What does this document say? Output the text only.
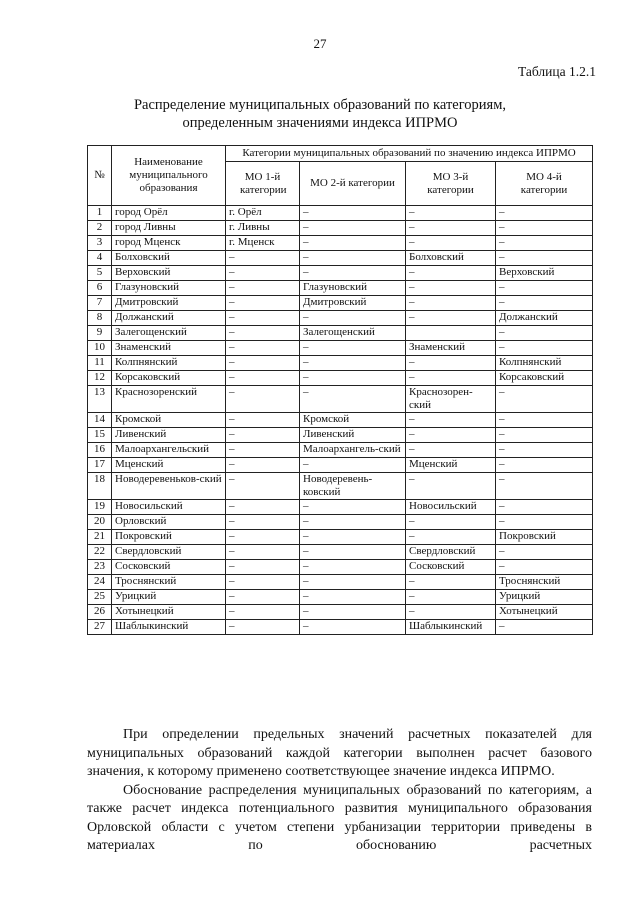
27
Таблица 1.2.1
Распределение муниципальных образований по категориям,
определенным значениями индекса ИПРМО
№	Наименование муниципального образования	Категории муниципальных образований по значению индекса ИПРМО			
		МО 1-й категории	МО 2-й категории	МО 3-й категории	МО 4-й категории
1	город Орёл	г. Орёл	–	–	–
2	город Ливны	г. Ливны	–	–	–
3	город Мценск	г. Мценск	–	–	–
4	Болховский	–	–	Болховский	–
5	Верховский	–	–	–	Верховский
6	Глазуновский	–	Глазуновский	–	–
7	Дмитровский	–	Дмитровский	–	–
8	Должанский	–	–	–	Должанский
9	Залегощенский	–	Залегощенский		–
10	Знаменский	–	–	Знаменский	–
11	Колпнянский	–	–	–	Колпнянский
12	Корсаковский	–	–	–	Корсаковский
13	Краснозоренский	–	–	Краснозорен-ский	–
14	Кромской	–	Кромской	–	–
15	Ливенский	–	Ливенский	–	–
16	Малоархангельский	–	Малоархангель-ский	–	–
17	Мценский	–	–	Мценский	–
18	Новодеревеньков-ский	–	Новодеревень-ковский	–	–
19	Новосильский	–	–	Новосильский	–
20	Орловский	–	–	–	–
21	Покровский	–	–	–	Покровский
22	Свердловский	–	–	Свердловский	–
23	Сосковский	–	–	Сосковский	–
24	Троснянский	–	–	–	Троснянский
25	Урицкий	–	–	–	Урицкий
26	Хотынецкий	–	–	–	Хотынецкий
27	Шаблыкинский	–	–	Шаблыкинский	–

При определении предельных значений расчетных показателей для муниципальных образований каждой категории выполнен расчет базового значения, к которому применено соответствующее значение индекса ИПРМО.

Обоснование распределения муниципальных образований по категориям, а также расчет индекса потенциального развития муниципального образования Орловской области с учетом степени урбанизации территории приведены в материалах по обоснованию расчетных
